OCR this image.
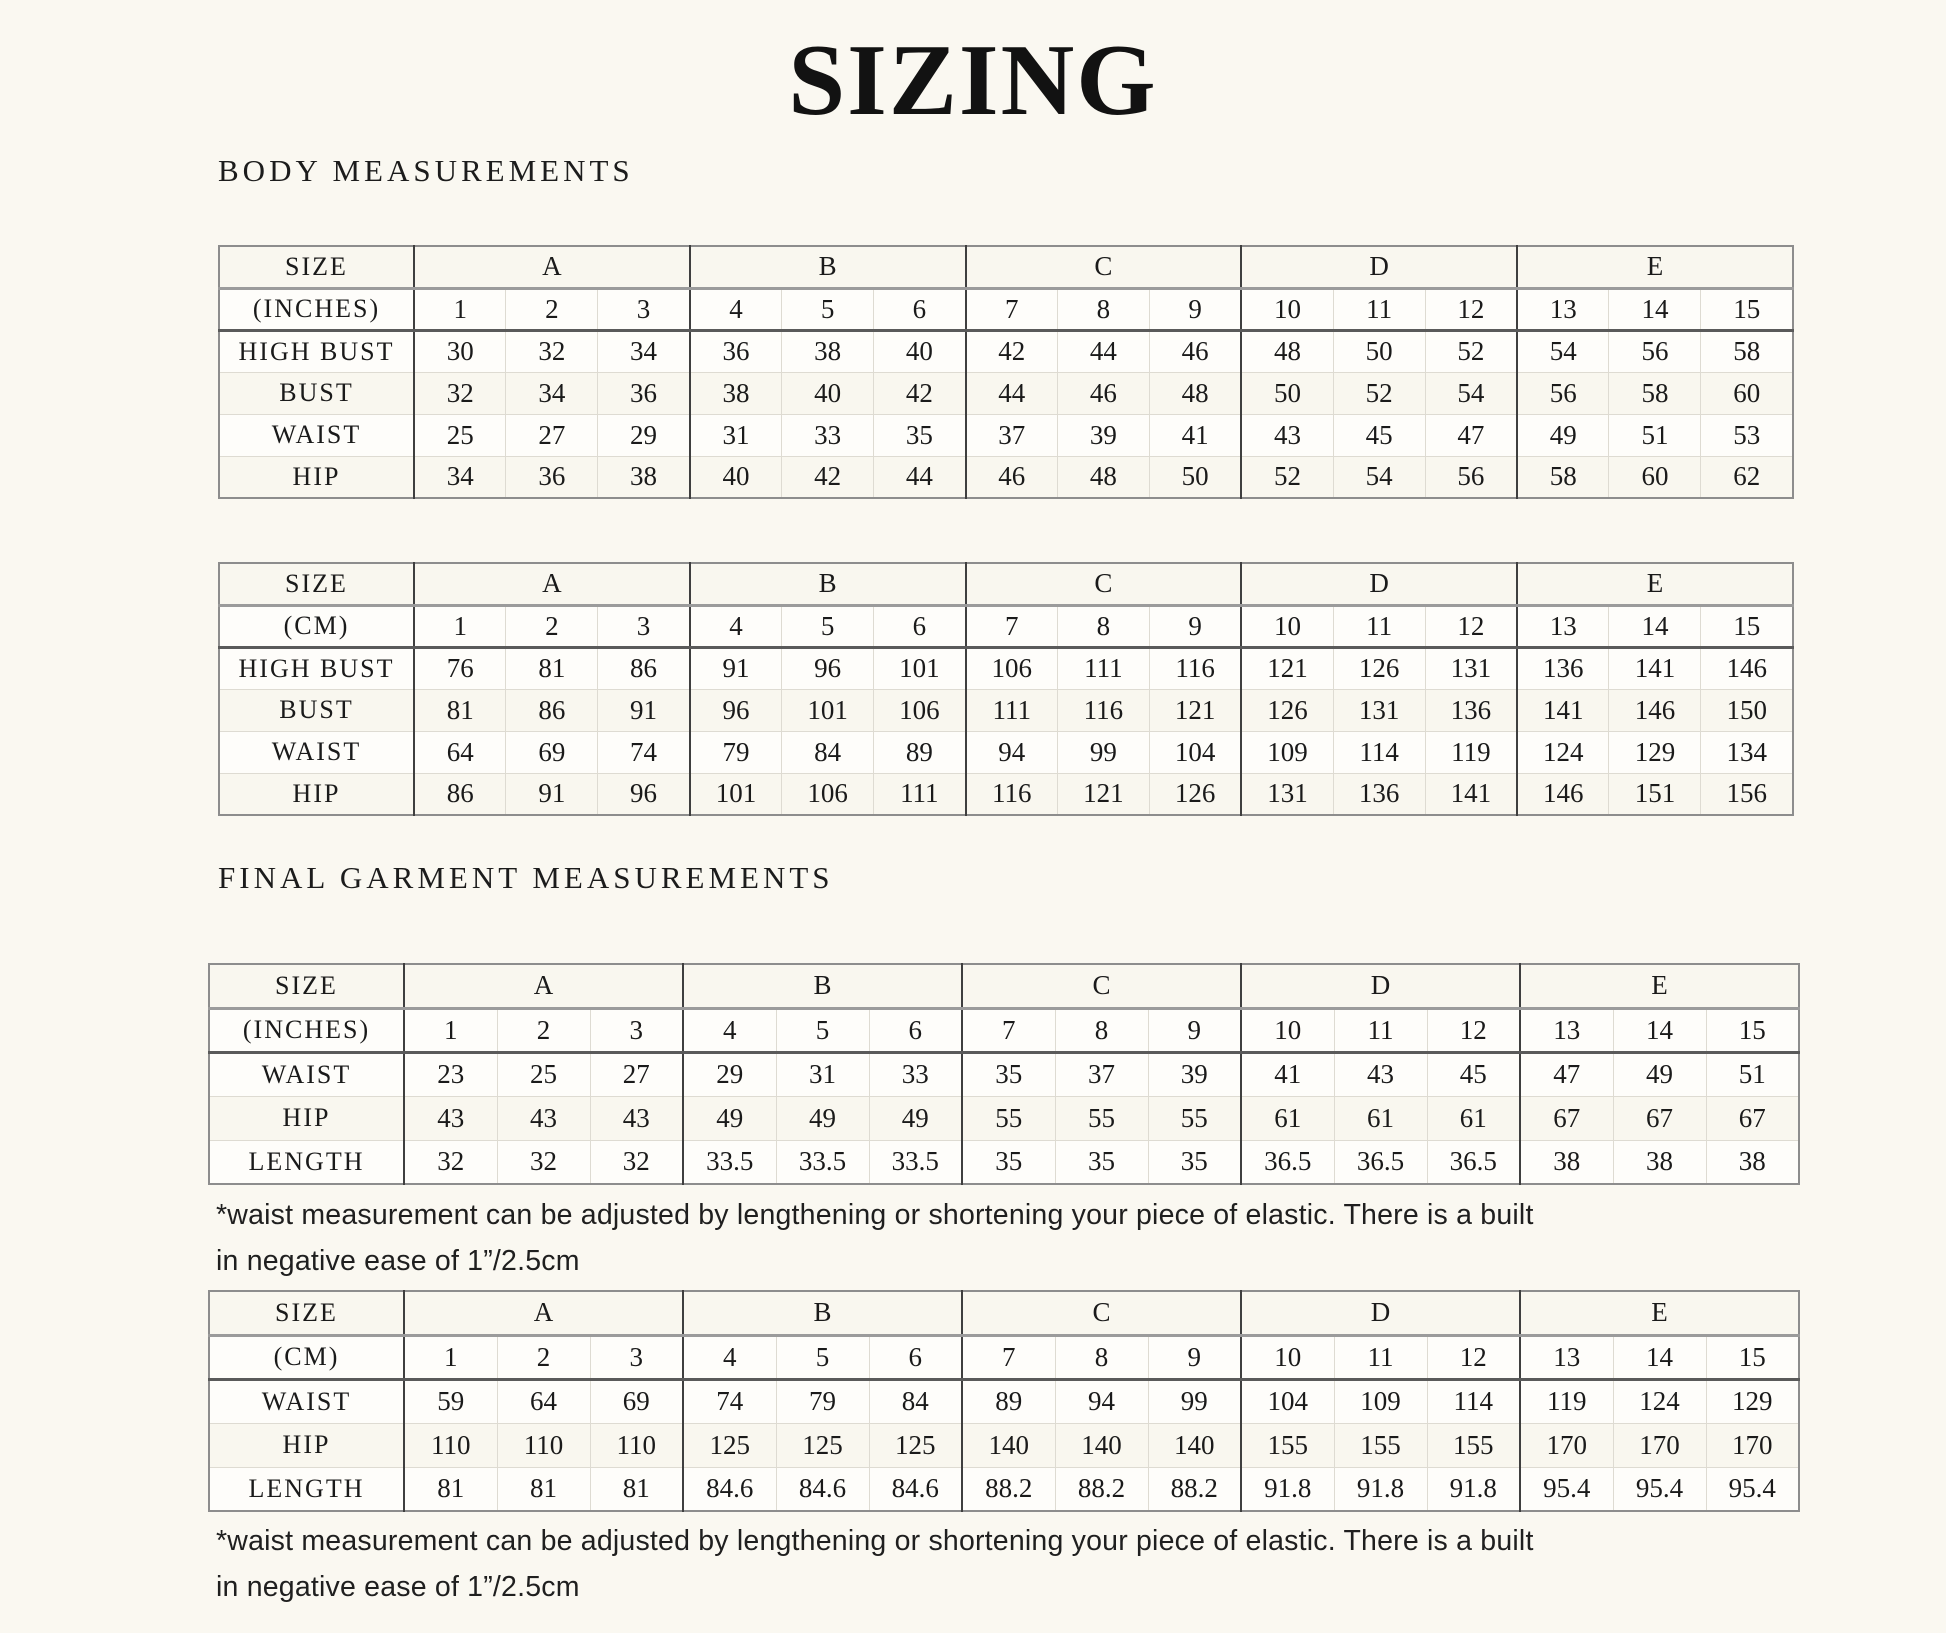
SIZING
BODY MEASUREMENTS
SIZE	A			B			C			D			E		
(INCHES)	1	2	3	4	5	6	7	8	9	10	11	12	13	14	15
HIGH BUST	30	32	34	36	38	40	42	44	46	48	50	52	54	56	58
BUST	32	34	36	38	40	42	44	46	48	50	52	54	56	58	60
WAIST	25	27	29	31	33	35	37	39	41	43	45	47	49	51	53
HIP	34	36	38	40	42	44	46	48	50	52	54	56	58	60	62
SIZE	A			B			C			D			E		
(CM)	1	2	3	4	5	6	7	8	9	10	11	12	13	14	15
HIGH BUST	76	81	86	91	96	101	106	111	116	121	126	131	136	141	146
BUST	81	86	91	96	101	106	111	116	121	126	131	136	141	146	150
WAIST	64	69	74	79	84	89	94	99	104	109	114	119	124	129	134
HIP	86	91	96	101	106	111	116	121	126	131	136	141	146	151	156
FINAL GARMENT MEASUREMENTS
SIZE	A			B			C			D			E		
(INCHES)	1	2	3	4	5	6	7	8	9	10	11	12	13	14	15
WAIST	23	25	27	29	31	33	35	37	39	41	43	45	47	49	51
HIP	43	43	43	49	49	49	55	55	55	61	61	61	67	67	67
LENGTH	32	32	32	33.5	33.5	33.5	35	35	35	36.5	36.5	36.5	38	38	38

*waist measurement can be adjusted by lengthening or shortening your piece of elastic. There is a built
in negative ease of 1”/2.5cm

SIZE	A			B			C			D			E		
(CM)	1	2	3	4	5	6	7	8	9	10	11	12	13	14	15
WAIST	59	64	69	74	79	84	89	94	99	104	109	114	119	124	129
HIP	110	110	110	125	125	125	140	140	140	155	155	155	170	170	170
LENGTH	81	81	81	84.6	84.6	84.6	88.2	88.2	88.2	91.8	91.8	91.8	95.4	95.4	95.4

*waist measurement can be adjusted by lengthening or shortening your piece of elastic. There is a built
in negative ease of 1”/2.5cm
